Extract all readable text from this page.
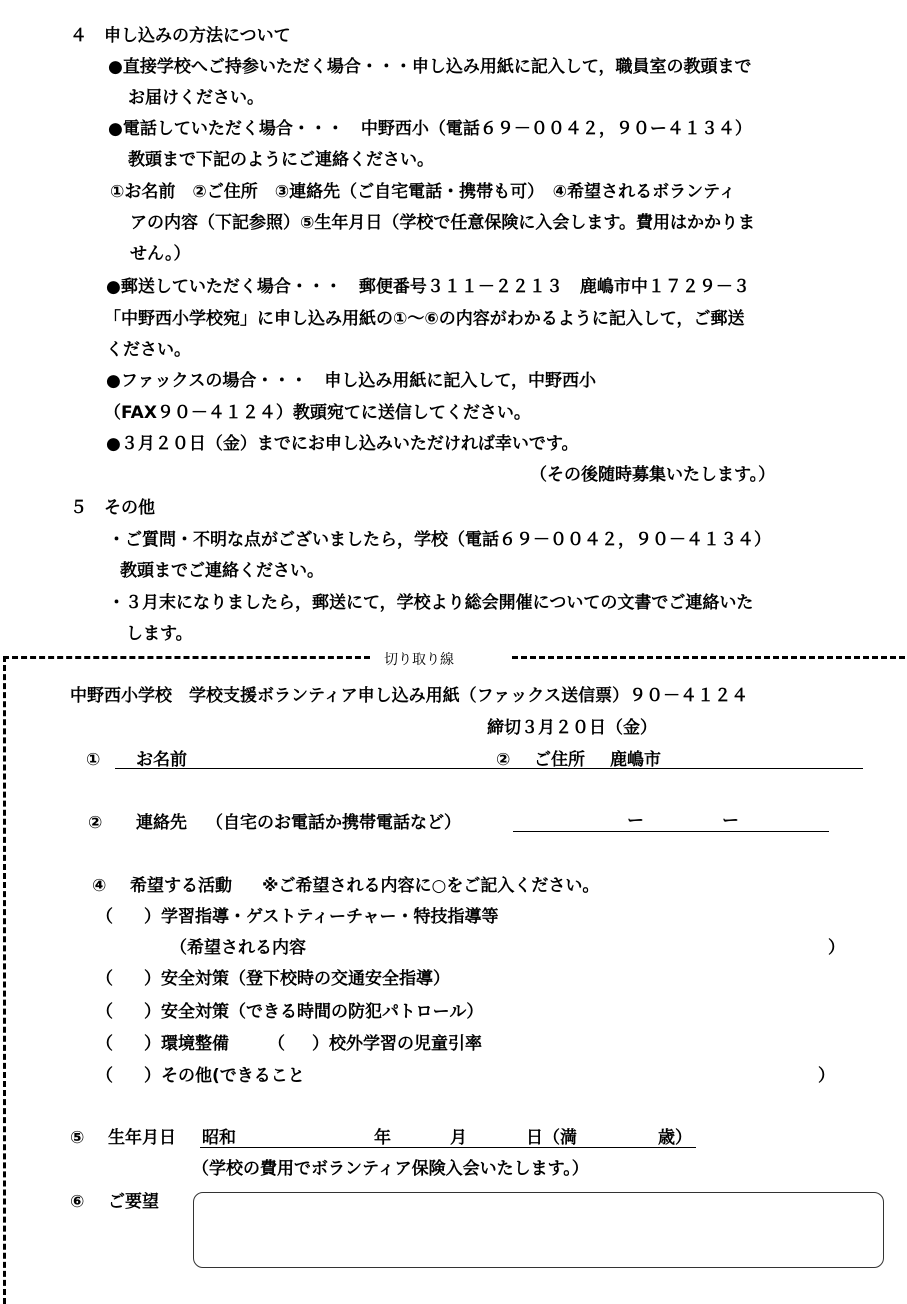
４　申し込みの方法について
●直接学校へご持参いただく場合・・・申し込み用紙に記入して，職員室の教頭まで
お届けください。
●電話していただく場合・・・　中野西小（電話６９－００４２，９０ー４１３４）
教頭まで下記のようにご連絡ください。
①お名前　②ご住所　③連絡先（ご自宅電話・携帯も可）　④希望されるボランティ
アの内容（下記参照）⑤生年月日（学校で任意保険に入会します。費用はかかりま
せん。）
●郵送していただく場合・・・　郵便番号３１１－２２１３　鹿嶋市中１７２９－３
「中野西小学校宛」に申し込み用紙の①～⑥の内容がわかるように記入して，ご郵送
ください。
●ファックスの場合・・・　申し込み用紙に記入して，中野西小
（FAX９０－４１２４）教頭宛てに送信してください。
●３月２０日（金）までにお申し込みいただければ幸いです。
（その後随時募集いたします。）
５　その他
・ご質問・不明な点がございましたら，学校（電話６９－００４２，９０－４１３４）
教頭までご連絡ください。
・３月末になりましたら，郵送にて，学校より総会開催についての文書でご連絡いた
します。
切り取り線
中野西小学校　学校支援ボランティア申し込み用紙（ファックス送信票）９０－４１２４
締切３月２０日（金）
① お名前	② ご住所 鹿嶋市
② 連絡先 （自宅のお電話か携帯電話など）	ー	ー
④ 希望する活動 ※ご希望される内容に○をご記入ください。
（ ）学習指導・ゲストティーチャー・特技指導等
（希望される内容	）
（ ）安全対策（登下校時の交通安全指導）
（ ）安全対策（できる時間の防犯パトロール）
（ ）環境整備 （ ）校外学習の児童引率
（ ）その他(できること	）
⑤ 生年月日 昭和	年	月	日（満	歳）
（学校の費用でボランティア保険入会いたします。）
⑥ ご要望
